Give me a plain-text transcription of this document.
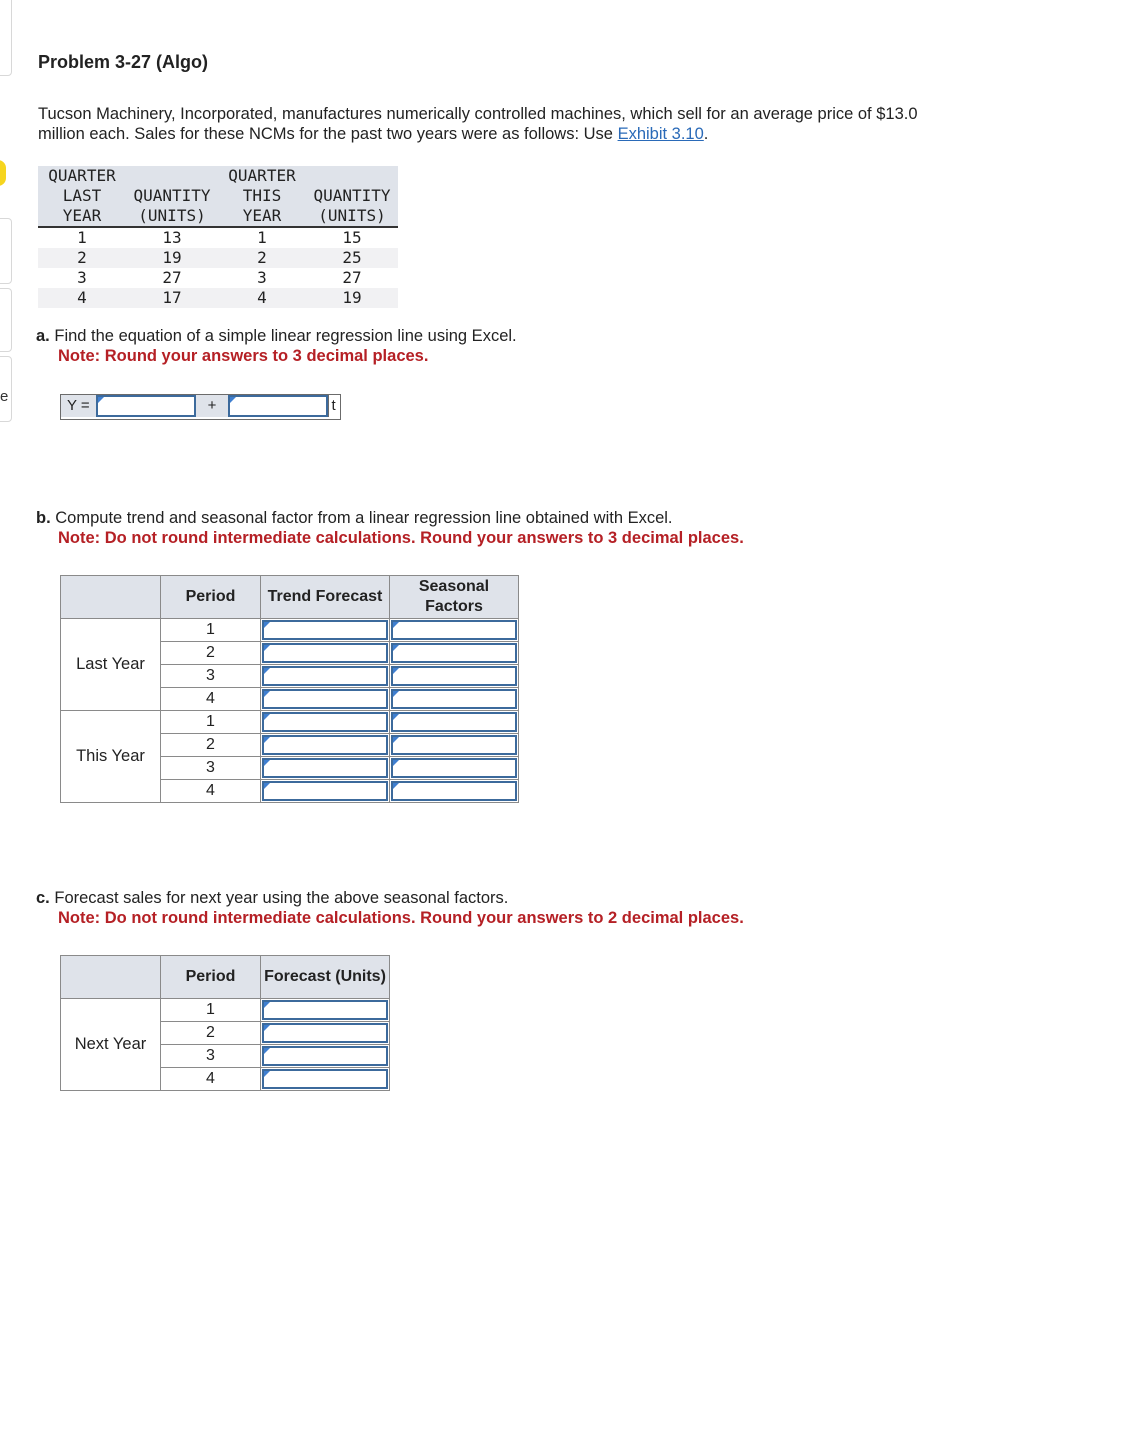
e
Problem 3-27 (Algo)
Tucson Machinery, Incorporated, manufactures numerically controlled machines, which sell for an average price of $13.0 million each. Sales for these NCMs for the past two years were as follows: Use Exhibit 3.10.
QUARTER		QUARTER	
LAST	QUANTITY	THIS	QUANTITY
YEAR	(UNITS)	YEAR	(UNITS)
1	13	1	15
2	19	2	25
3	27	3	27
4	17	4	19
a. Find the equation of a simple linear regression line using Excel.
Note: Round your answers to 3 decimal places.
Y =	+	t
b. Compute trend and seasonal factor from a linear regression line obtained with Excel.
Note: Do not round intermediate calculations. Round your answers to 3 decimal places.
	Period	Trend Forecast	Seasonal Factors
Last Year	1	

	2	

	3	

	4	

This Year	1	

	2	

	3	

	4	

c. Forecast sales for next year using the above seasonal factors.
Note: Do not round intermediate calculations. Round your answers to 2 decimal places.
	Period	Forecast (Units)
Next Year	1	

	2	

	3	

	4	
